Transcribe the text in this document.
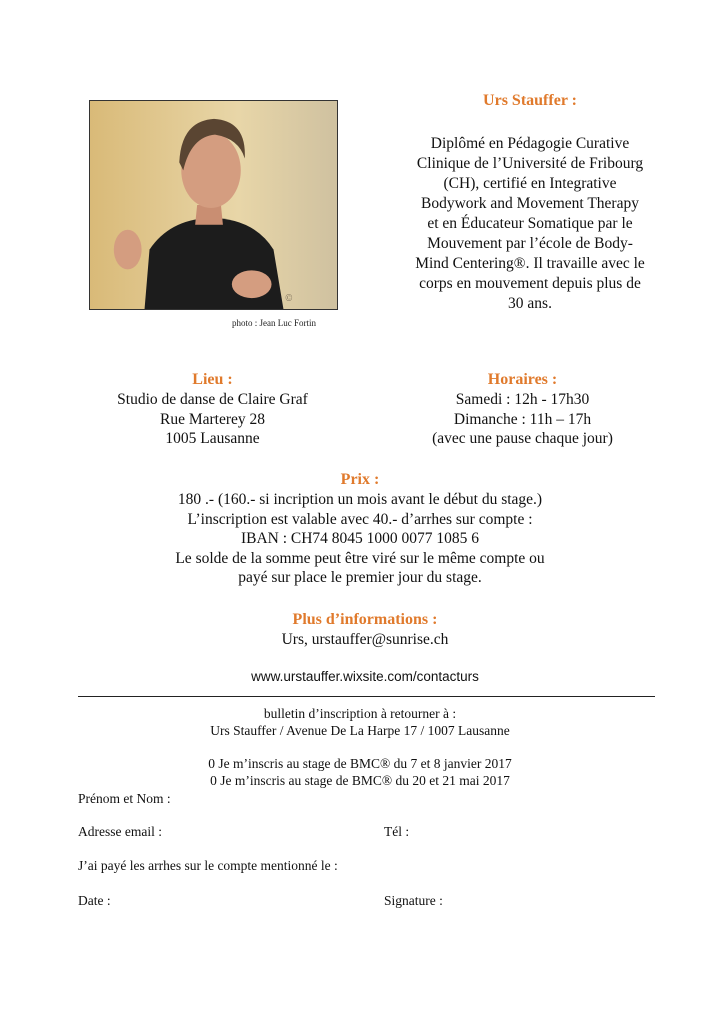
©
photo : Jean Luc Fortin
Urs Stauffer :
Diplômé en Pédagogie Curative
Clinique de l’Université de Fribourg
(CH), certifié en Integrative
Bodywork and Movement Therapy
et en Éducateur Somatique par le
Mouvement par l’école de Body-
Mind Centering®. Il travaille avec le
corps en mouvement depuis plus de
30 ans.
Lieu :
Studio de danse de Claire Graf
Rue Marterey 28
1005 Lausanne
Horaires :
Samedi : 12h - 17h30
Dimanche : 11h – 17h
(avec une pause chaque jour)
Prix :
180 .- (160.- si incription un mois avant le début du stage.)
L’inscription est valable avec 40.- d’arrhes sur compte :
IBAN : CH74 8045 1000 0077 1085 6
Le solde de la somme peut être viré sur le même compte ou
payé sur place le premier jour du stage.
Plus d’informations :
Urs, urstauffer@sunrise.ch
www.urstauffer.wixsite.com/contacturs
bulletin d’inscription à retourner à :
Urs Stauffer / Avenue De La Harpe 17 / 1007 Lausanne
0 Je m’inscris au stage de BMC® du 7 et 8 janvier 2017
0 Je m’inscris au stage de BMC® du 20 et 21 mai 2017
Prénom et Nom :
Adresse email :	Tél :
J’ai payé les arrhes sur le compte mentionné le :
Date :	Signature :
